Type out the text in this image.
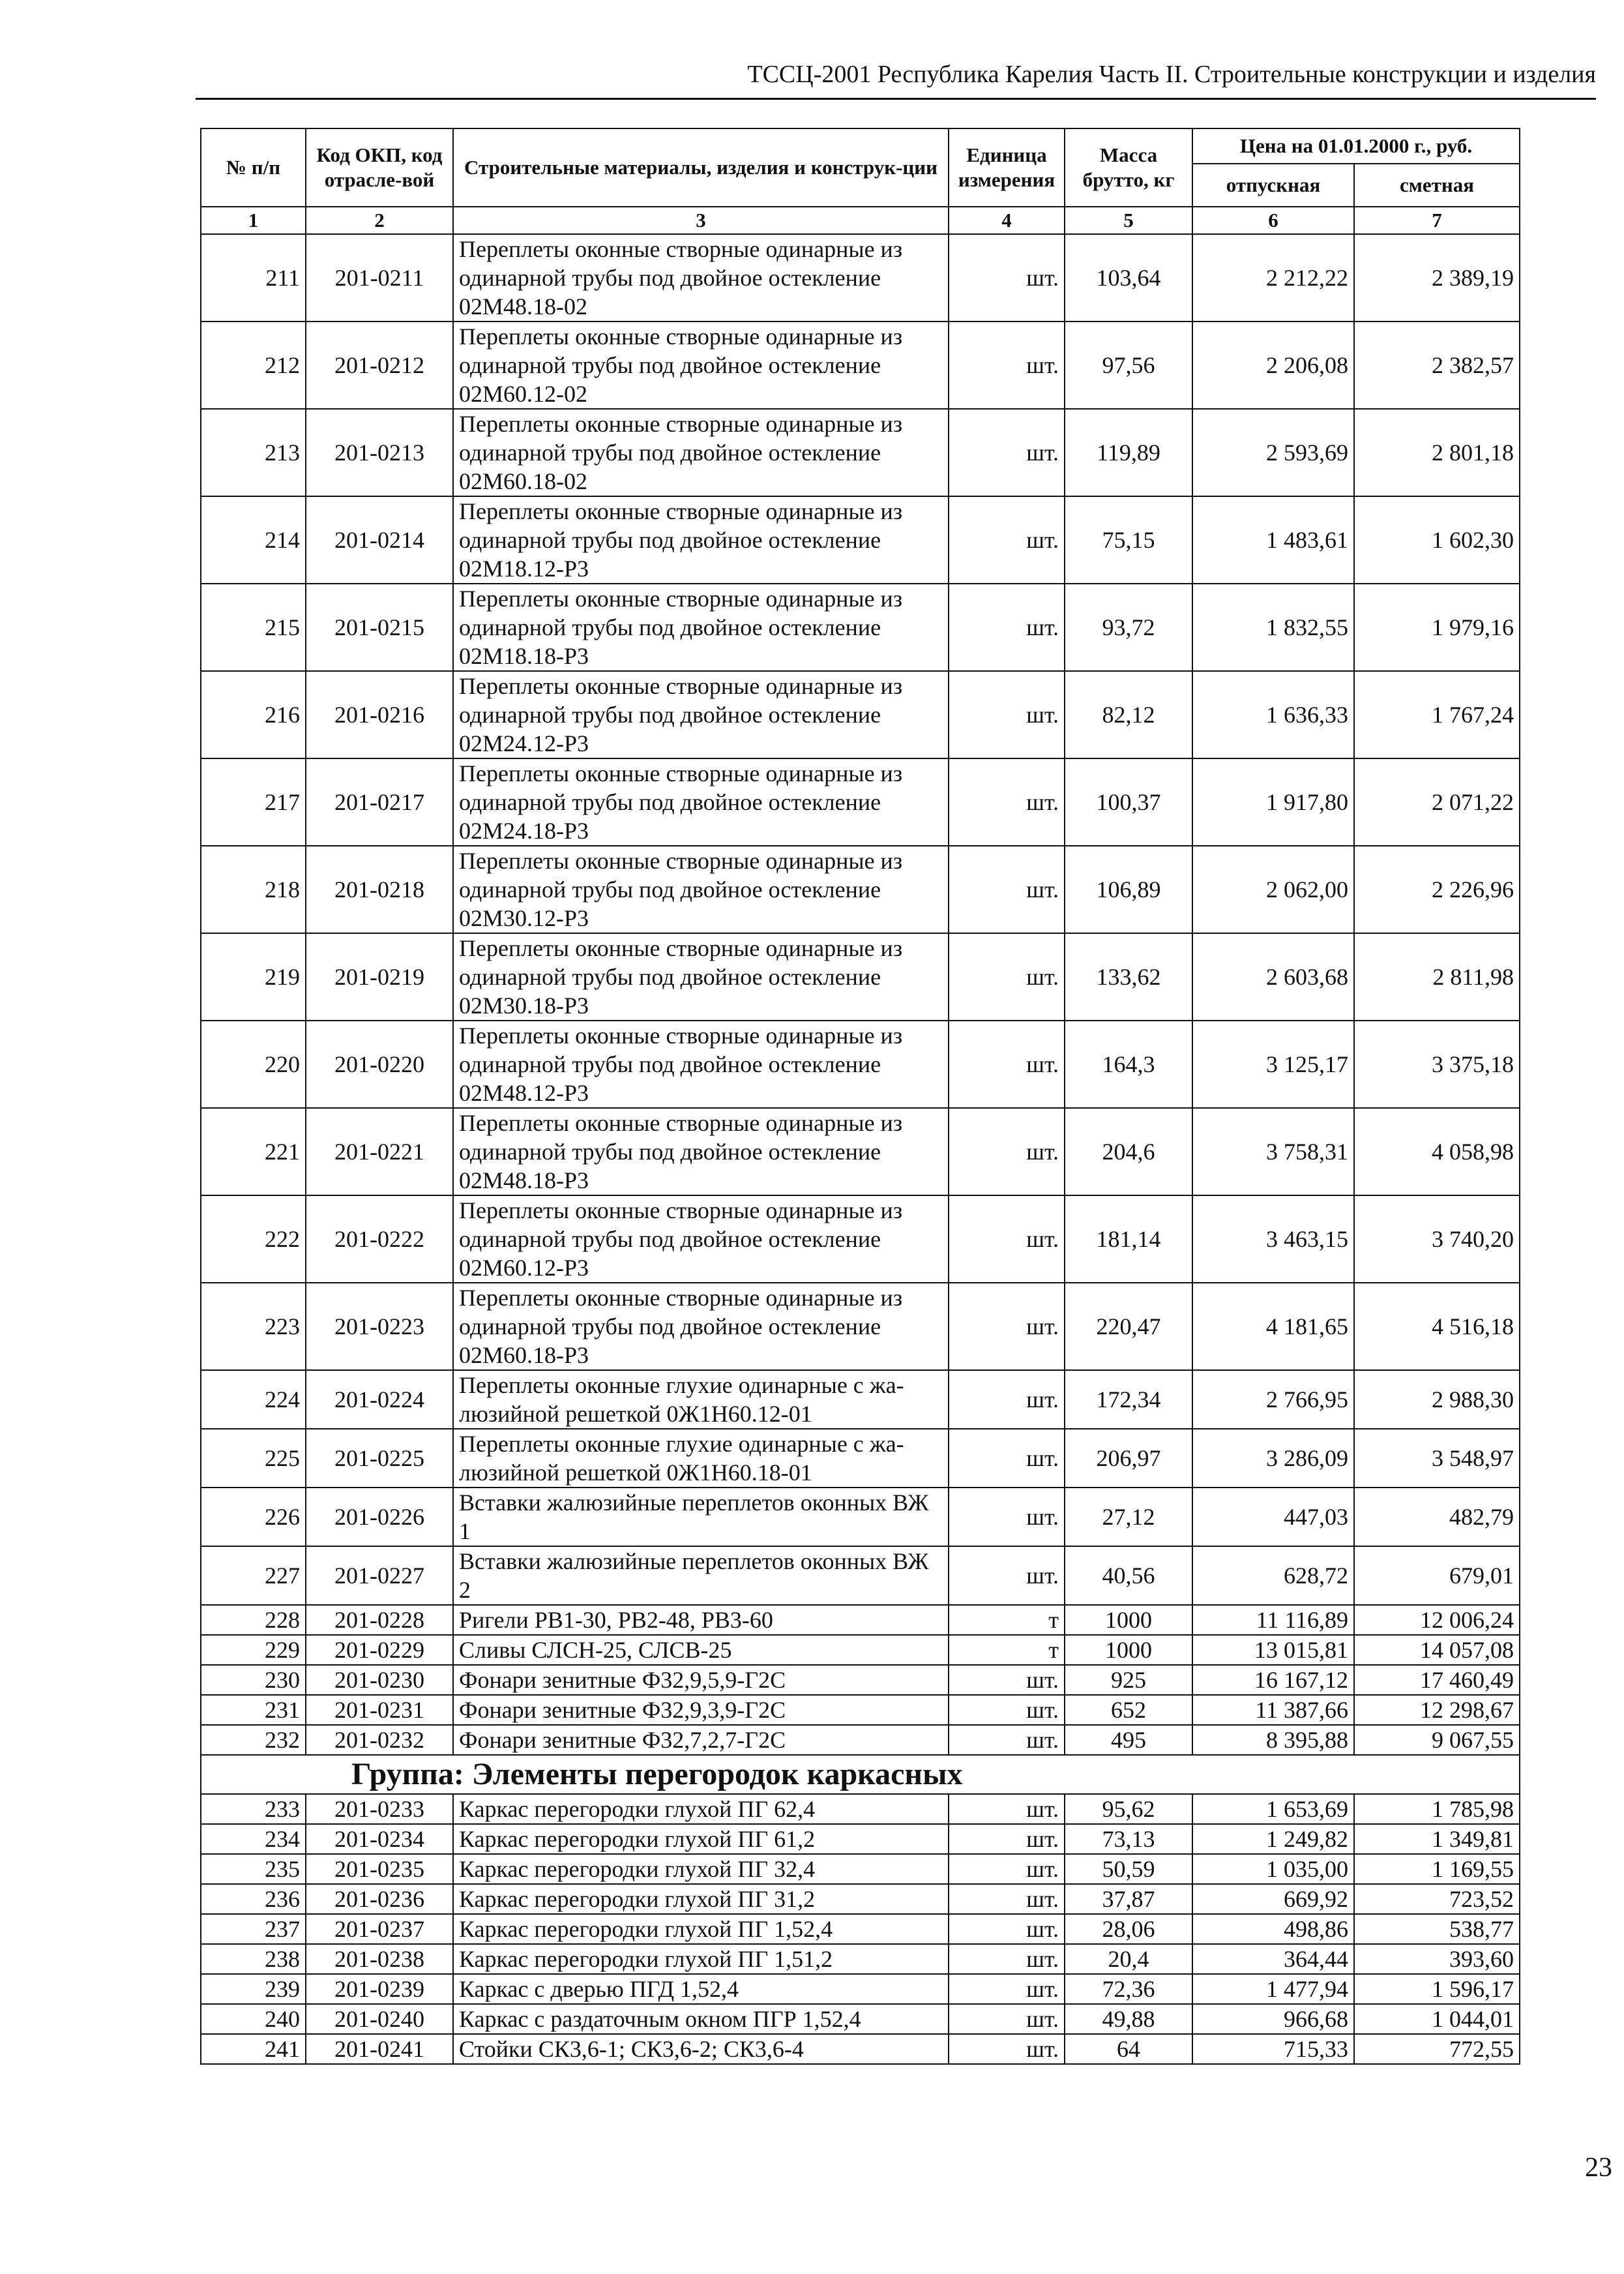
ТССЦ-2001 Республика Карелия Часть II. Строительные конструкции и изделия
№ п/п	Код ОКП, код отрасле-вой	Строительные материалы, изделия и конструк-ции	Единица измерения	Масса брутто, кг	Цена на 01.01.2000 г., руб.	
					отпускная	сметная
1	2	3	4	5	6	7
211	201-0211	Переплеты оконные створные одинарные из одинарной трубы под двойное остекление 02М48.18-02	шт.	103,64	2 212,22	2 389,19
212	201-0212	Переплеты оконные створные одинарные из одинарной трубы под двойное остекление 02М60.12-02	шт.	97,56	2 206,08	2 382,57
213	201-0213	Переплеты оконные створные одинарные из одинарной трубы под двойное остекление 02М60.18-02	шт.	119,89	2 593,69	2 801,18
214	201-0214	Переплеты оконные створные одинарные из одинарной трубы под двойное остекление 02М18.12-Р3	шт.	75,15	1 483,61	1 602,30
215	201-0215	Переплеты оконные створные одинарные из одинарной трубы под двойное остекление 02М18.18-Р3	шт.	93,72	1 832,55	1 979,16
216	201-0216	Переплеты оконные створные одинарные из одинарной трубы под двойное остекление 02М24.12-Р3	шт.	82,12	1 636,33	1 767,24
217	201-0217	Переплеты оконные створные одинарные из одинарной трубы под двойное остекление 02М24.18-Р3	шт.	100,37	1 917,80	2 071,22
218	201-0218	Переплеты оконные створные одинарные из одинарной трубы под двойное остекление 02М30.12-Р3	шт.	106,89	2 062,00	2 226,96
219	201-0219	Переплеты оконные створные одинарные из одинарной трубы под двойное остекление 02М30.18-Р3	шт.	133,62	2 603,68	2 811,98
220	201-0220	Переплеты оконные створные одинарные из одинарной трубы под двойное остекление 02М48.12-Р3	шт.	164,3	3 125,17	3 375,18
221	201-0221	Переплеты оконные створные одинарные из одинарной трубы под двойное остекление 02М48.18-Р3	шт.	204,6	3 758,31	4 058,98
222	201-0222	Переплеты оконные створные одинарные из одинарной трубы под двойное остекление 02М60.12-Р3	шт.	181,14	3 463,15	3 740,20
223	201-0223	Переплеты оконные створные одинарные из одинарной трубы под двойное остекление 02М60.18-Р3	шт.	220,47	4 181,65	4 516,18
224	201-0224	Переплеты оконные глухие одинарные с жа-люзийной решеткой 0Ж1Н60.12-01	шт.	172,34	2 766,95	2 988,30
225	201-0225	Переплеты оконные глухие одинарные с жа-люзийной решеткой 0Ж1Н60.18-01	шт.	206,97	3 286,09	3 548,97
226	201-0226	Вставки жалюзийные переплетов оконных ВЖ 1	шт.	27,12	447,03	482,79
227	201-0227	Вставки жалюзийные переплетов оконных ВЖ 2	шт.	40,56	628,72	679,01
228	201-0228	Ригели РВ1-30, РВ2-48, РВ3-60	т	1000	11 116,89	12 006,24
229	201-0229	Сливы СЛСН-25, СЛСВ-25	т	1000	13 015,81	14 057,08
230	201-0230	Фонари зенитные Ф32,9,5,9-Г2С	шт.	925	16 167,12	17 460,49
231	201-0231	Фонари зенитные Ф32,9,3,9-Г2С	шт.	652	11 387,66	12 298,67
232	201-0232	Фонари зенитные Ф32,7,2,7-Г2С	шт.	495	8 395,88	9 067,55
Группа: Элементы перегородок каркасных						
233	201-0233	Каркас перегородки глухой ПГ 62,4	шт.	95,62	1 653,69	1 785,98
234	201-0234	Каркас перегородки глухой ПГ 61,2	шт.	73,13	1 249,82	1 349,81
235	201-0235	Каркас перегородки глухой ПГ 32,4	шт.	50,59	1 035,00	1 169,55
236	201-0236	Каркас перегородки глухой ПГ 31,2	шт.	37,87	669,92	723,52
237	201-0237	Каркас перегородки глухой ПГ 1,52,4	шт.	28,06	498,86	538,77
238	201-0238	Каркас перегородки глухой ПГ 1,51,2	шт.	20,4	364,44	393,60
239	201-0239	Каркас с дверью ПГД 1,52,4	шт.	72,36	1 477,94	1 596,17
240	201-0240	Каркас с раздаточным окном ПГР 1,52,4	шт.	49,88	966,68	1 044,01
241	201-0241	Стойки СК3,6-1; СК3,6-2; СК3,6-4	шт.	64	715,33	772,55
23
